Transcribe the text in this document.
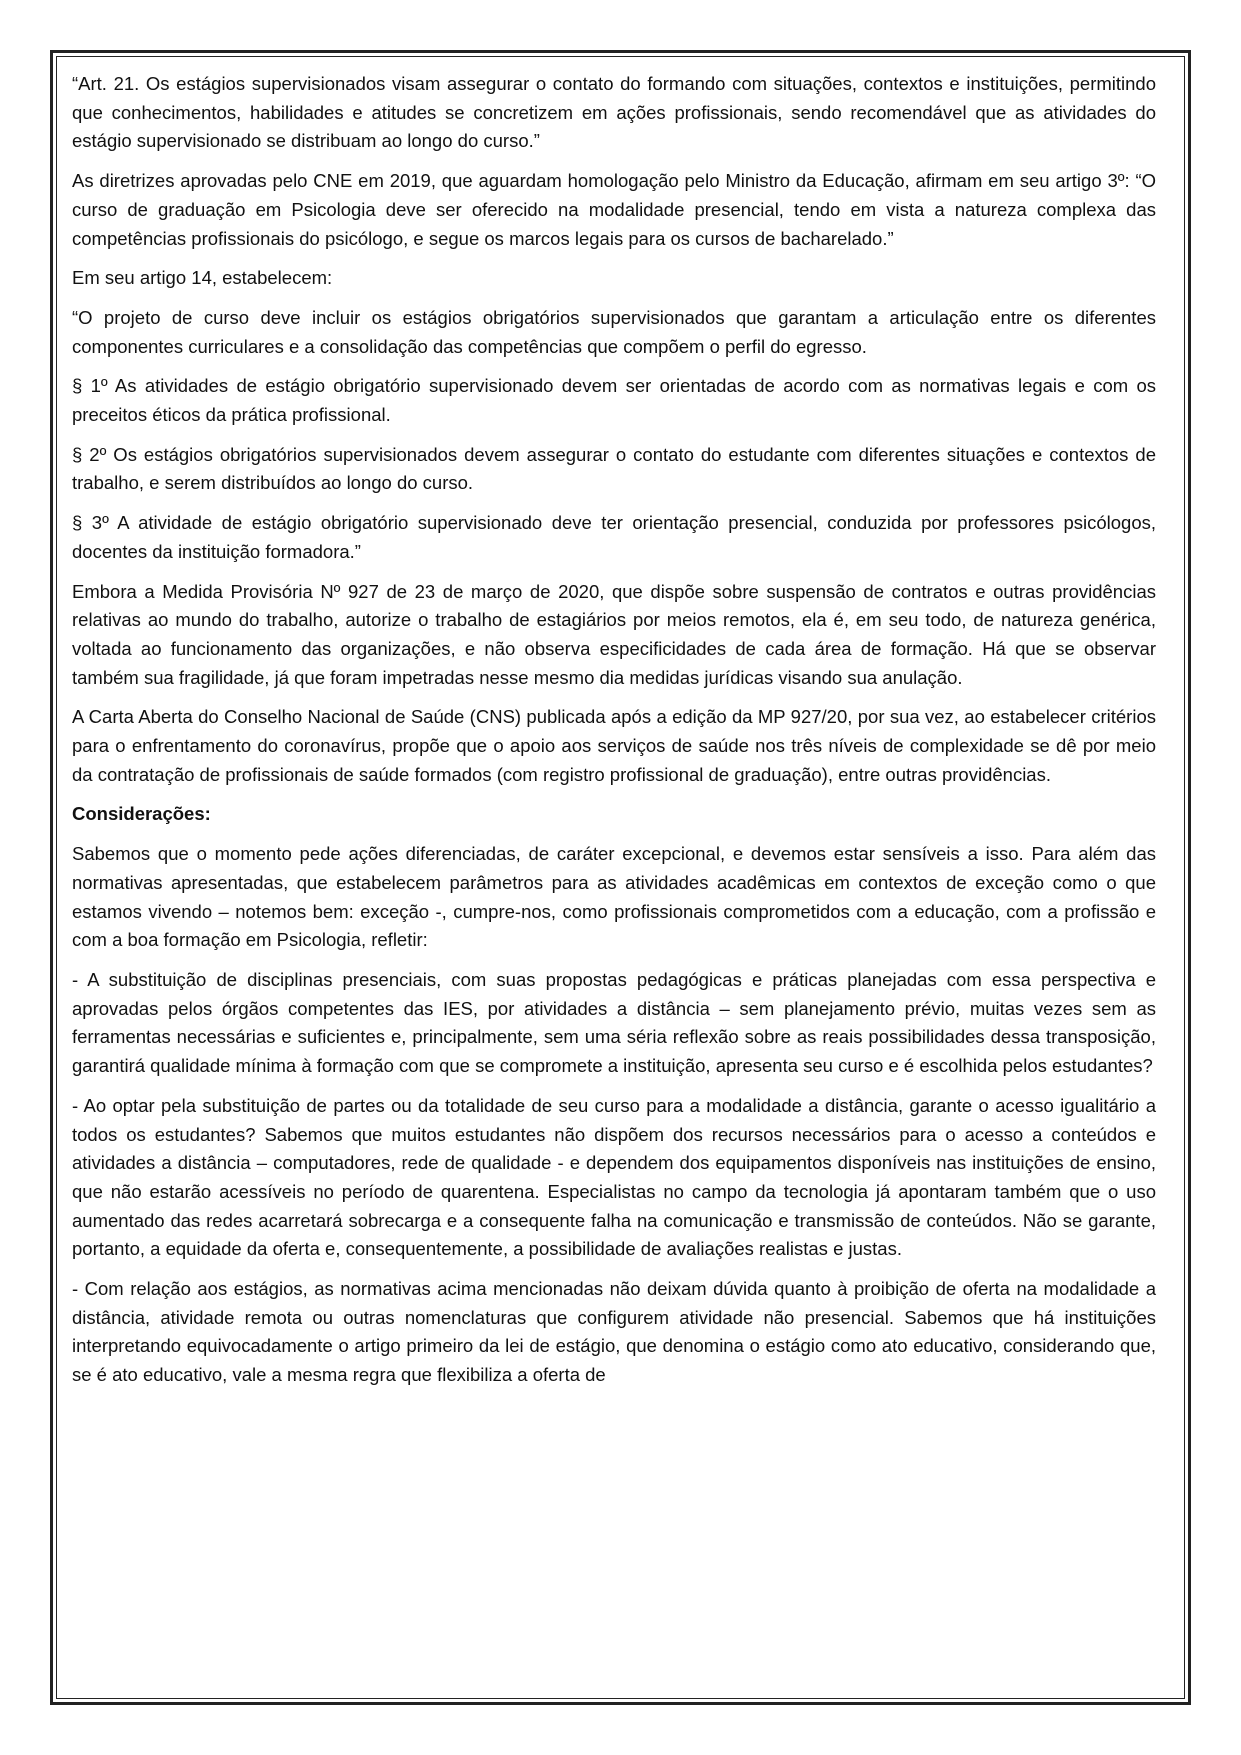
“Art. 21. Os estágios supervisionados visam assegurar o contato do formando com situações, contextos e instituições, permitindo que conhecimentos, habilidades e atitudes se concretizem em ações profissionais, sendo recomendável que as atividades do estágio supervisionado se distribuam ao longo do curso.”

As diretrizes aprovadas pelo CNE em 2019, que aguardam homologação pelo Ministro da Educação, afirmam em seu artigo 3º: “O curso de graduação em Psicologia deve ser oferecido na modalidade presencial, tendo em vista a natureza complexa das competências profissionais do psicólogo, e segue os marcos legais para os cursos de bacharelado.”

Em seu artigo 14, estabelecem:

“O projeto de curso deve incluir os estágios obrigatórios supervisionados que garantam a articulação entre os diferentes componentes curriculares e a consolidação das competências que compõem o perfil do egresso.

§ 1º As atividades de estágio obrigatório supervisionado devem ser orientadas de acordo com as normativas legais e com os preceitos éticos da prática profissional.

§ 2º Os estágios obrigatórios supervisionados devem assegurar o contato do estudante com diferentes situações e contextos de trabalho, e serem distribuídos ao longo do curso.

§ 3º A atividade de estágio obrigatório supervisionado deve ter orientação presencial, conduzida por professores psicólogos, docentes da instituição formadora.”

Embora a Medida Provisória Nº 927 de 23 de março de 2020, que dispõe sobre suspensão de contratos e outras providências relativas ao mundo do trabalho, autorize o trabalho de estagiários por meios remotos, ela é, em seu todo, de natureza genérica, voltada ao funcionamento das organizações, e não observa especificidades de cada área de formação. Há que se observar também sua fragilidade, já que foram impetradas nesse mesmo dia medidas jurídicas visando sua anulação.

A Carta Aberta do Conselho Nacional de Saúde (CNS) publicada após a edição da MP 927/20, por sua vez, ao estabelecer critérios para o enfrentamento do coronavírus, propõe que o apoio aos serviços de saúde nos três níveis de complexidade se dê por meio da contratação de profissionais de saúde formados (com registro profissional de graduação), entre outras providências.

Considerações:

Sabemos que o momento pede ações diferenciadas, de caráter excepcional, e devemos estar sensíveis a isso. Para além das normativas apresentadas, que estabelecem parâmetros para as atividades acadêmicas em contextos de exceção como o que estamos vivendo – notemos bem: exceção -, cumpre-nos, como profissionais comprometidos com a educação, com a profissão e com a boa formação em Psicologia, refletir:

- A substituição de disciplinas presenciais, com suas propostas pedagógicas e práticas planejadas com essa perspectiva e aprovadas pelos órgãos competentes das IES, por atividades a distância – sem planejamento prévio, muitas vezes sem as ferramentas necessárias e suficientes e, principalmente, sem uma séria reflexão sobre as reais possibilidades dessa transposição, garantirá qualidade mínima à formação com que se compromete a instituição, apresenta seu curso e é escolhida pelos estudantes?

- Ao optar pela substituição de partes ou da totalidade de seu curso para a modalidade a distância, garante o acesso igualitário a todos os estudantes? Sabemos que muitos estudantes não dispõem dos recursos necessários para o acesso a conteúdos e atividades a distância – computadores, rede de qualidade - e dependem dos equipamentos disponíveis nas instituições de ensino, que não estarão acessíveis no período de quarentena. Especialistas no campo da tecnologia já apontaram também que o uso aumentado das redes acarretará sobrecarga e a consequente falha na comunicação e transmissão de conteúdos. Não se garante, portanto, a equidade da oferta e, consequentemente, a possibilidade de avaliações realistas e justas.

- Com relação aos estágios, as normativas acima mencionadas não deixam dúvida quanto à proibição de oferta na modalidade a distância, atividade remota ou outras nomenclaturas que configurem atividade não presencial. Sabemos que há instituições interpretando equivocadamente o artigo primeiro da lei de estágio, que denomina o estágio como ato educativo, considerando que, se é ato educativo, vale a mesma regra que flexibiliza a oferta de
